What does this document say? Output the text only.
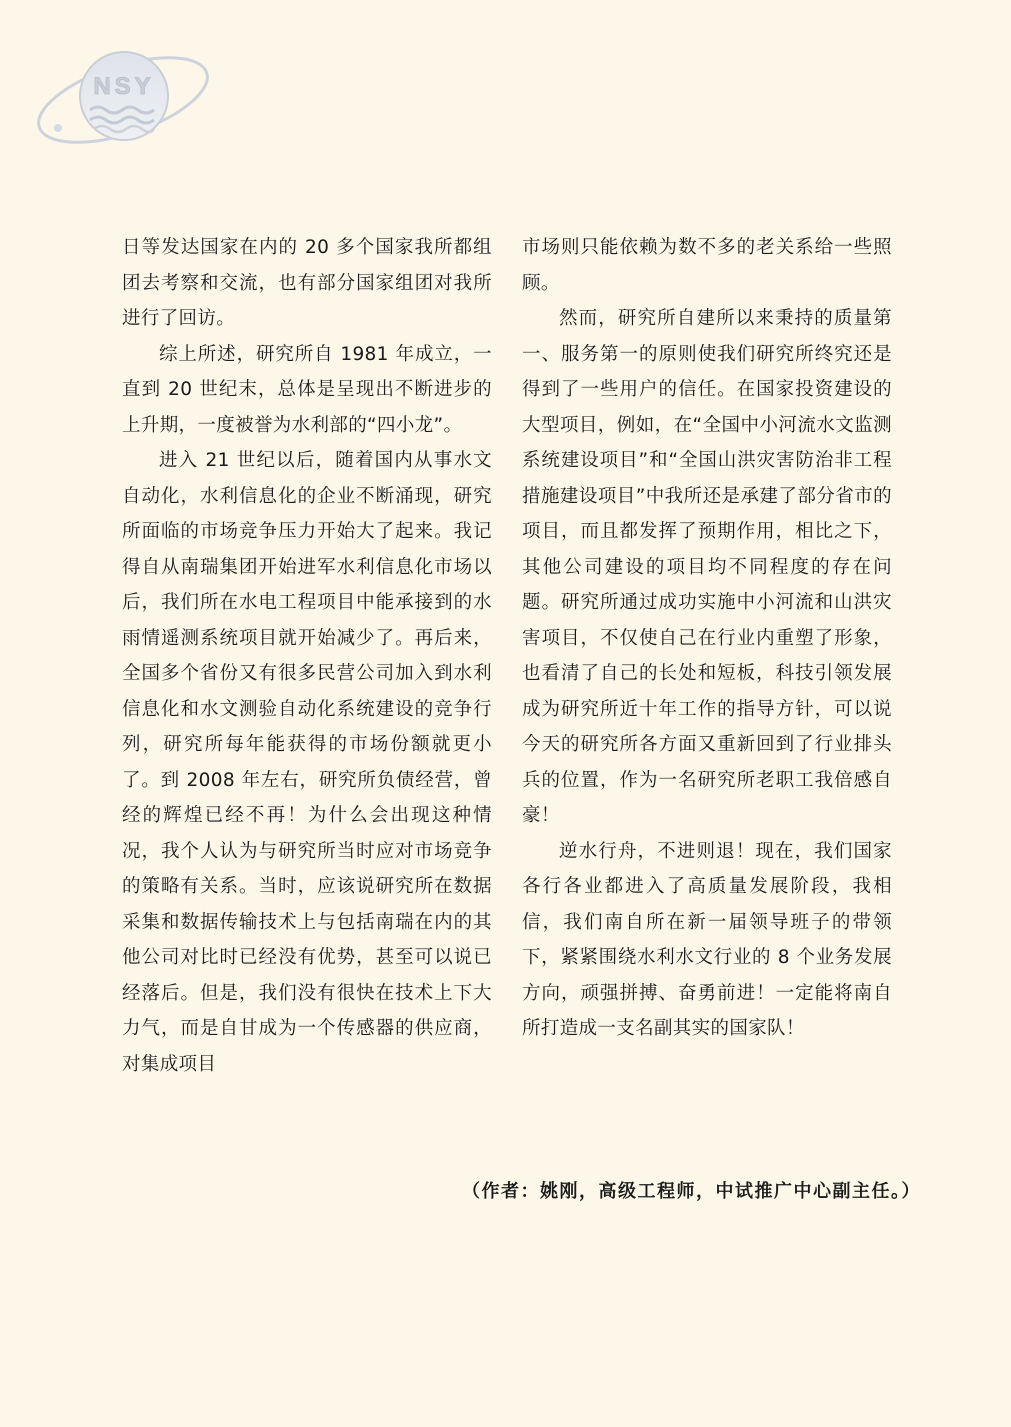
NSY

日等发达国家在内的 20 多个国家我所都组团去考察和交流，也有部分国家组团对我所进行了回访。

综上所述，研究所自 1981 年成立，一直到 20 世纪末，总体是呈现出不断进步的上升期，一度被誉为水利部的“四小龙”。

进入 21 世纪以后，随着国内从事水文自动化，水利信息化的企业不断涌现，研究所面临的市场竞争压力开始大了起来。我记得自从南瑞集团开始进军水利信息化市场以后，我们所在水电工程项目中能承接到的水雨情遥测系统项目就开始减少了。再后来，全国多个省份又有很多民营公司加入到水利信息化和水文测验自动化系统建设的竞争行列，研究所每年能获得的市场份额就更小了。到 2008 年左右，研究所负债经营，曾经的辉煌已经不再！为什么会出现这种情况，我个人认为与研究所当时应对市场竞争的策略有关系。当时，应该说研究所在数据采集和数据传输技术上与包括南瑞在内的其他公司对比时已经没有优势，甚至可以说已经落后。但是，我们没有很快在技术上下大力气，而是自甘成为一个传感器的供应商，对集成项目

市场则只能依赖为数不多的老关系给一些照顾。

然而，研究所自建所以来秉持的质量第一、服务第一的原则使我们研究所终究还是得到了一些用户的信任。在国家投资建设的大型项目，例如，在“全国中小河流水文监测系统建设项目”和“全国山洪灾害防治非工程措施建设项目”中我所还是承建了部分省市的项目，而且都发挥了预期作用，相比之下，其他公司建设的项目均不同程度的存在问题。研究所通过成功实施中小河流和山洪灾害项目，不仅使自己在行业内重塑了形象，也看清了自己的长处和短板，科技引领发展成为研究所近十年工作的指导方针，可以说今天的研究所各方面又重新回到了行业排头兵的位置，作为一名研究所老职工我倍感自豪！

逆水行舟，不进则退！现在，我们国家各行各业都进入了高质量发展阶段，我相信，我们南自所在新一届领导班子的带领下，紧紧围绕水利水文行业的 8 个业务发展方向，顽强拼搏、奋勇前进！一定能将南自所打造成一支名副其实的国家队！

（作者：姚刚，高级工程师，中试推广中心副主任。）
